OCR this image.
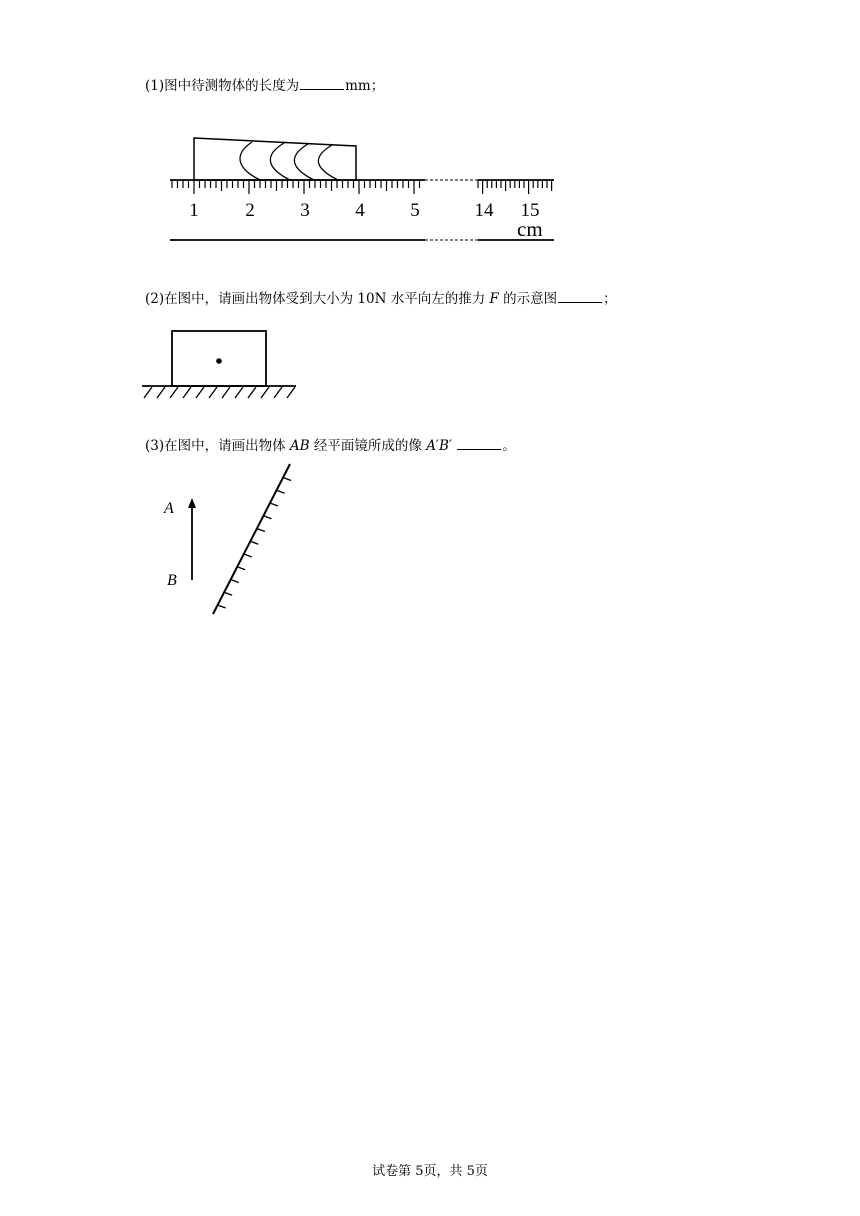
(1)图中待测物体的长度为	mm；
1 2 3 4 5	14 15
cm
(2)在图中，请画出物体受到大小为 10N 水平向左的推力 F 的示意图	；
(3)在图中，请画出物体 AB 经平面镜所成的像 A′B′	。
A
B
试卷第 5页，共 5页
